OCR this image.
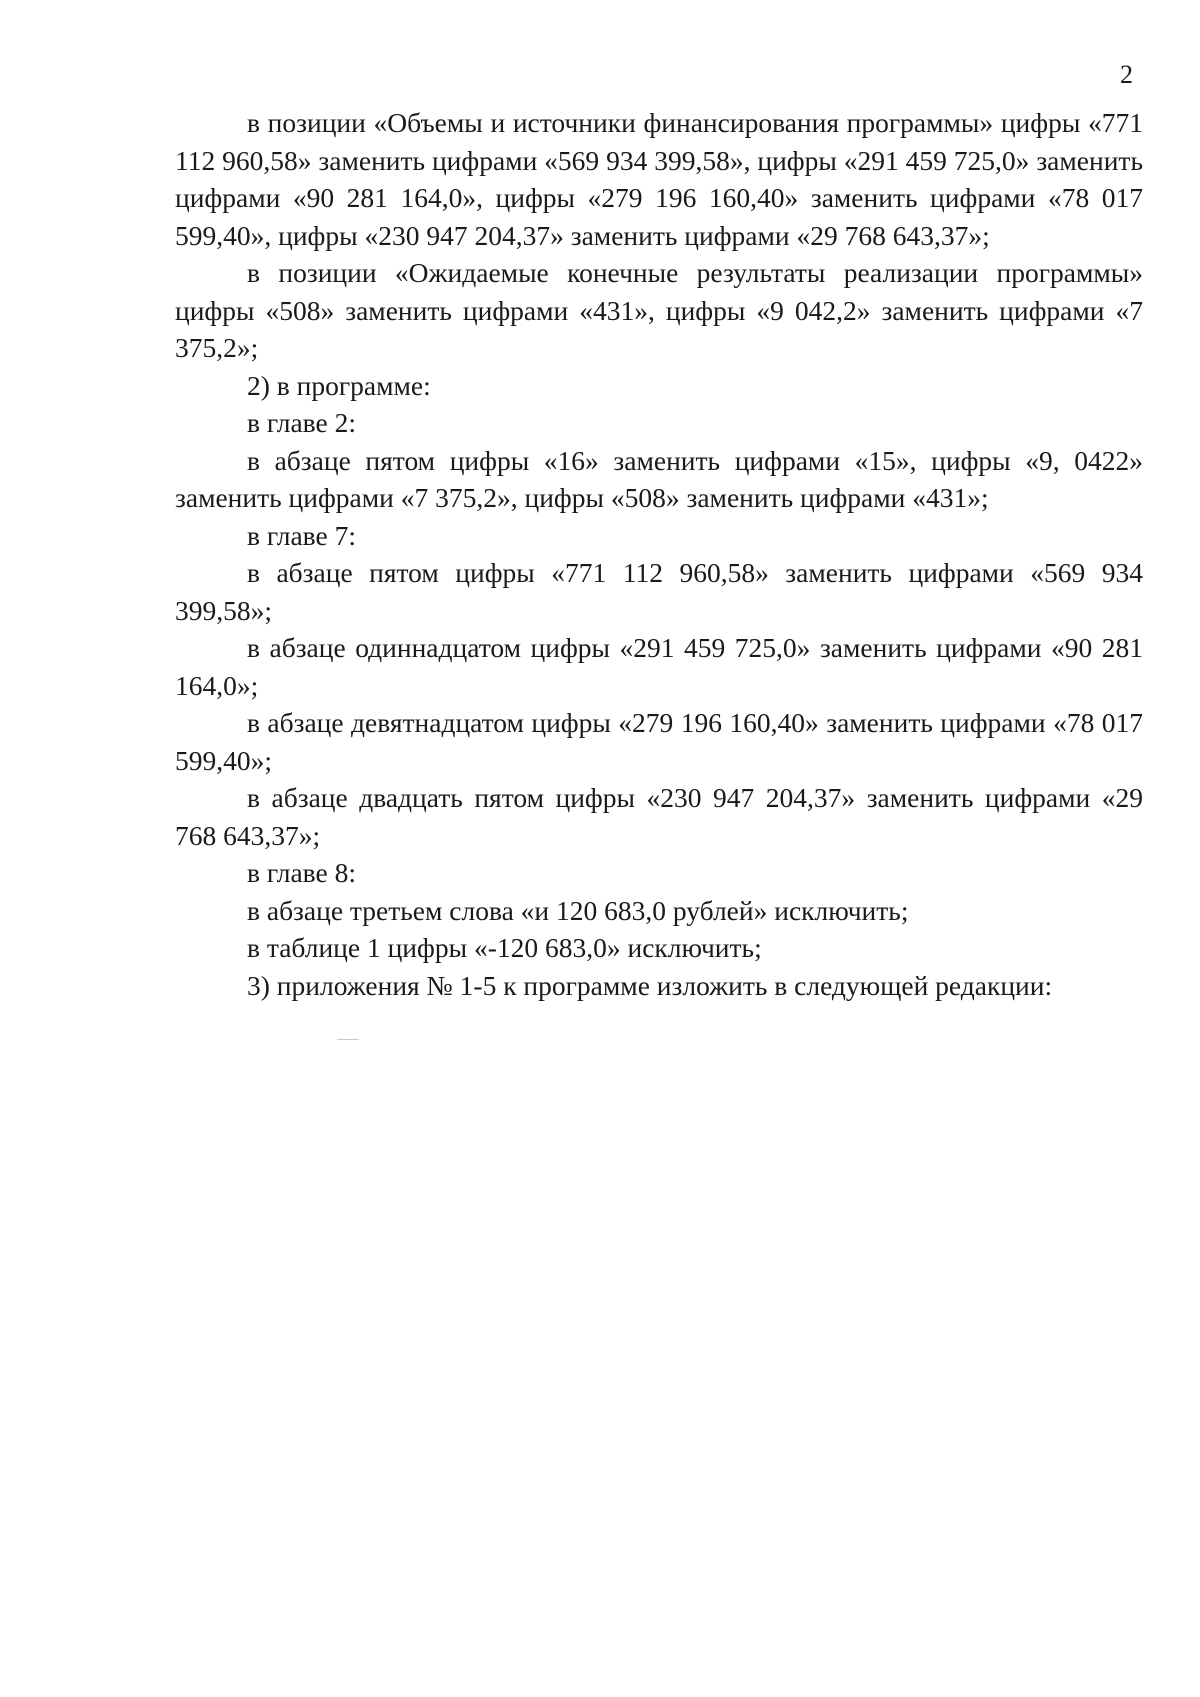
2

в позиции «Объемы и источники финансирования программы» цифры «771 112 960,58» заменить цифрами «569 934 399,58», цифры «291 459 725,0» заменить цифрами «90 281 164,0», цифры «279 196 160,40» заменить цифрами «78 017 599,40», цифры «230 947 204,37» заменить цифрами «29 768 643,37»;

в позиции «Ожидаемые конечные результаты реализации программы» цифры «508» заменить цифрами «431», цифры «9 042,2» заменить цифрами «7 375,2»;

2) в программе:

в главе 2:

в абзаце пятом цифры «16» заменить цифрами «15», цифры «9, 0422» заменить цифрами «7 375,2», цифры «508» заменить цифрами «431»;

в главе 7:

в абзаце пятом цифры «771 112 960,58» заменить цифрами «569 934 399,58»;

в абзаце одиннадцатом цифры «291 459 725,0» заменить цифрами «90 281 164,0»;

в абзаце девятнадцатом цифры «279 196 160,40» заменить цифрами «78 017 599,40»;

в абзаце двадцать пятом цифры «230 947 204,37» заменить цифрами «29 768 643,37»;

в главе 8:

в абзаце третьем слова «и 120 683,0 рублей» исключить;

в таблице 1 цифры «-120 683,0» исключить;

3) приложения № 1-5 к программе изложить в следующей редакции:
